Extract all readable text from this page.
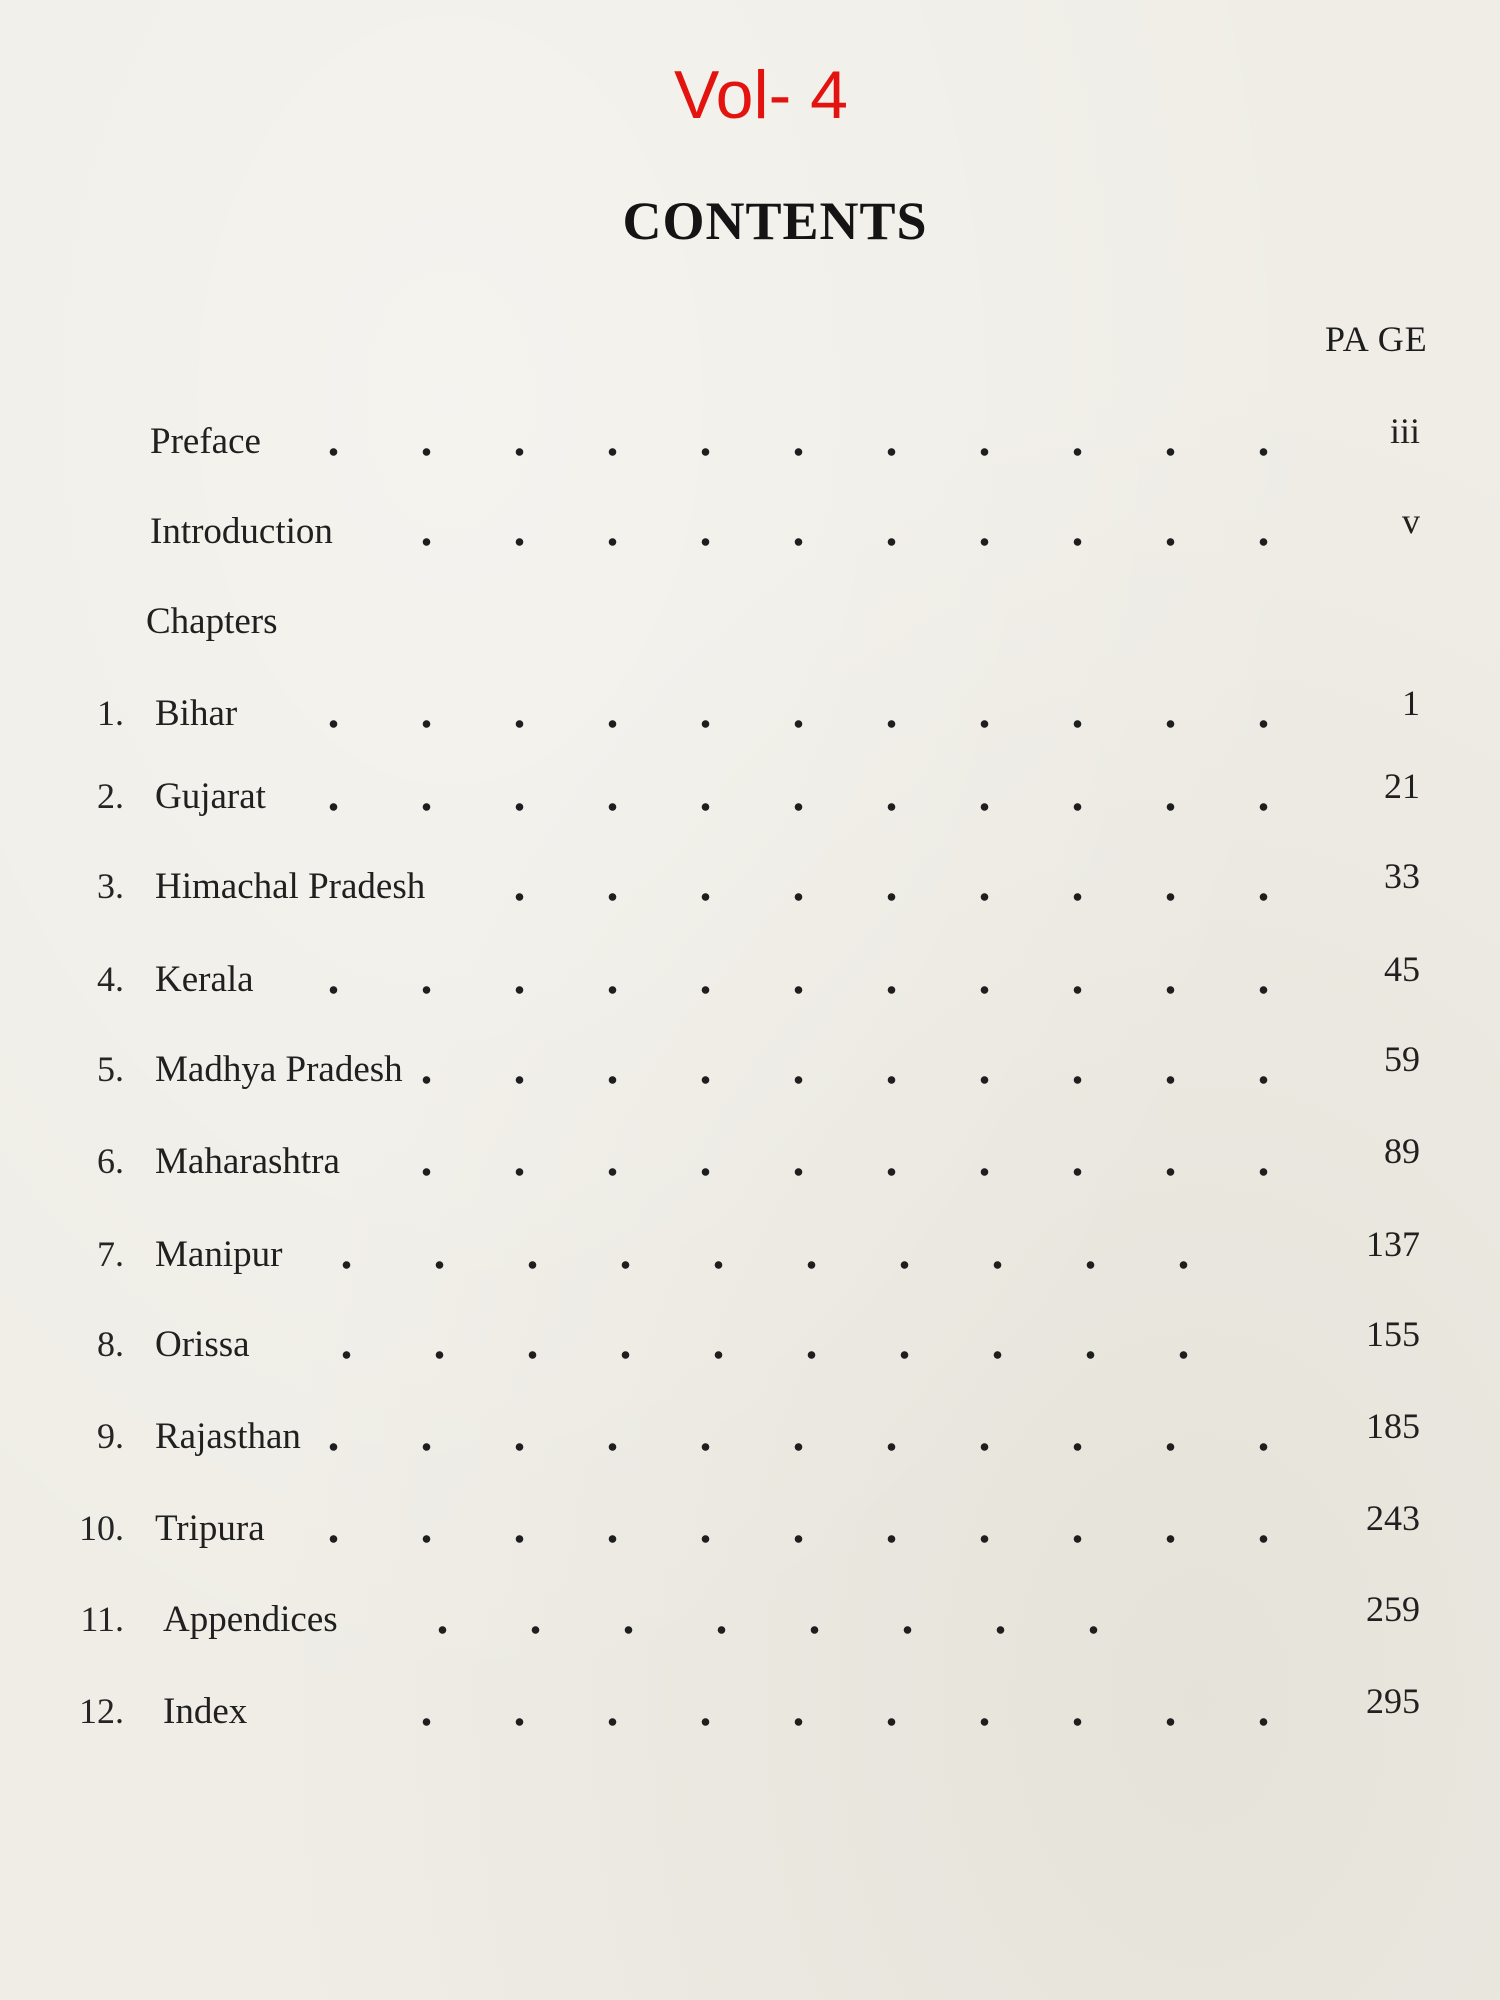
Vol- 4
CONTENTS
PA GE
Preface	iii
Introduction	v
Chapters
1. Bihar	1
2. Gujarat	21
3. Himachal Pradesh	33
4. Kerala	45
5. Madhya Pradesh	59
6. Maharashtra	89
7. Manipur	137
8. Orissa	155
9. Rajasthan	185
10. Tripura	243
11. Appendices	259
12. Index	295
